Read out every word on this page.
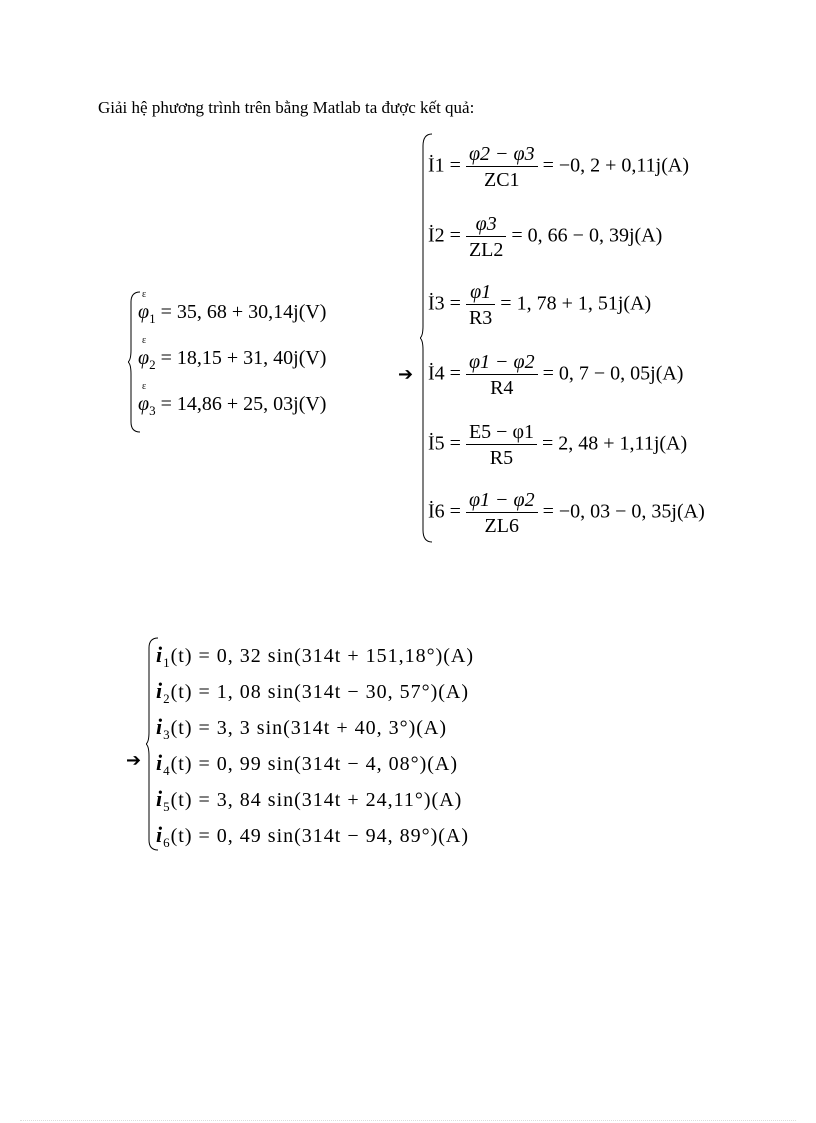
Giải hệ phương trình trên bằng Matlab ta được kết quả:
ε
$\varphi_1 = 35$, 68 + 30,14j(V)
ε
$\varphi_2 = 18,15 + 31$, 40j(V)
ε
$\varphi_3 = 14,86 + 25$, 03j(V)
➔
İ1 = $\frac{\varphi 2 - \varphi 3}{ZC1} = -0$, 2 + 0,11j(A)
İ2 = $\frac{\varphi 3}{ZL2} = 0$, 66 − 0, 39j(A)
İ3 = $\frac{\varphi 1}{R3} = 1$, 78 + 1, 51j(A)
İ4 = $\frac{\varphi 1 - \varphi 2}{R4} = 0$, 7 − 0, 05j(A)
İ5 = $\frac{E5 - \varphi 1}{R5} = 2$, 48 + 1,11j(A)
İ6 = $\frac{\varphi 1 - \varphi 2}{ZL6} = -0$, 03 − 0, 35j(A)
➔
$i_1(t) = 0$, 32 sin(314t + 151,18°)(A)
$i_2(t) = 1$, 08 sin(314t − 30, 57°)(A)
$i_3(t) = 3$, 3 sin(314t + 40, 3°)(A)
$i_4(t) = 0$, 99 sin(314t − 4, 08°)(A)
$i_5(t) = 3$, 84 sin(314t + 24,11°)(A)
$i_6(t) = 0$, 49 sin(314t − 94, 89°)(A)
